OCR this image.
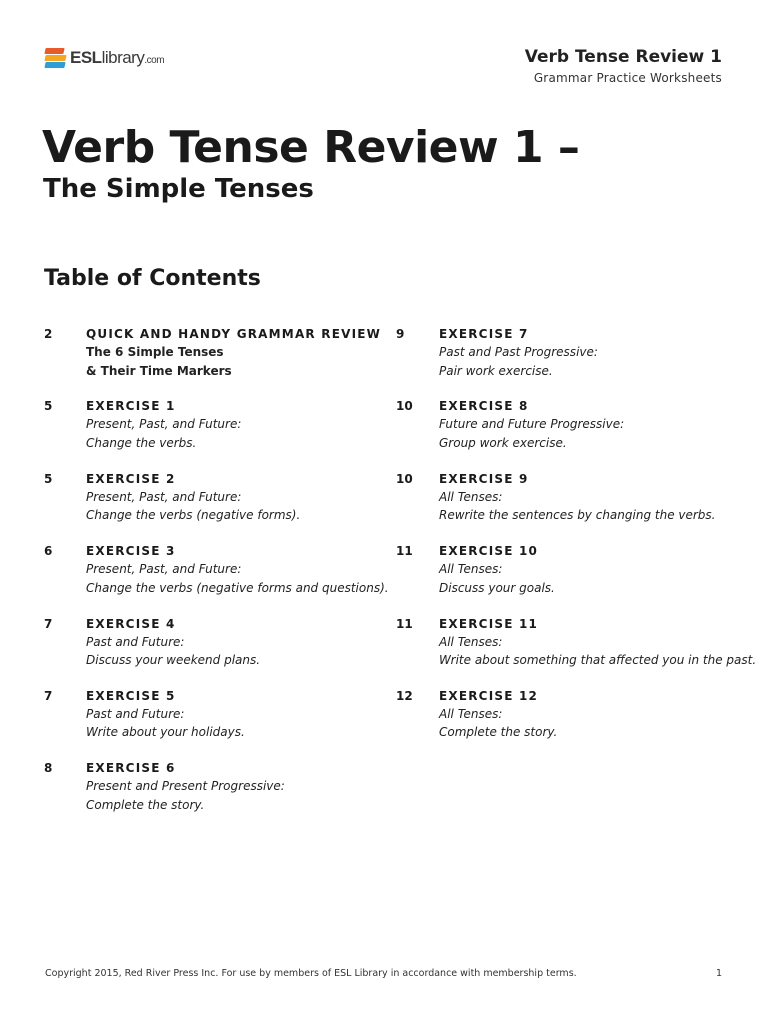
ESLlibrary.com	Verb Tense Review 1
Grammar Practice Worksheets
Verb Tense Review 1 –
The Simple Tenses
Table of Contents
2	QUICK AND HANDY GRAMMAR REVIEW
The 6 Simple Tenses
& Their Time Markers
5	EXERCISE 1
Present, Past, and Future:
Change the verbs.
5	EXERCISE 2
Present, Past, and Future:
Change the verbs (negative forms).
6	EXERCISE 3
Present, Past, and Future:
Change the verbs (negative forms and questions).
7	EXERCISE 4
Past and Future:
Discuss your weekend plans.
7	EXERCISE 5
Past and Future:
Write about your holidays.
8	EXERCISE 6
Present and Present Progressive:
Complete the story.
9	EXERCISE 7
Past and Past Progressive:
Pair work exercise.
10 EXERCISE 8
Future and Future Progressive:
Group work exercise.
10 EXERCISE 9
All Tenses:
Rewrite the sentences by changing the verbs.
11 EXERCISE 10
All Tenses:
Discuss your goals.
11 EXERCISE 11
All Tenses:
Write about something that affected you in the past.
12 EXERCISE 12
All Tenses:
Complete the story.
Copyright 2015, Red River Press Inc. For use by members of ESL Library in accordance with membership terms.	1
